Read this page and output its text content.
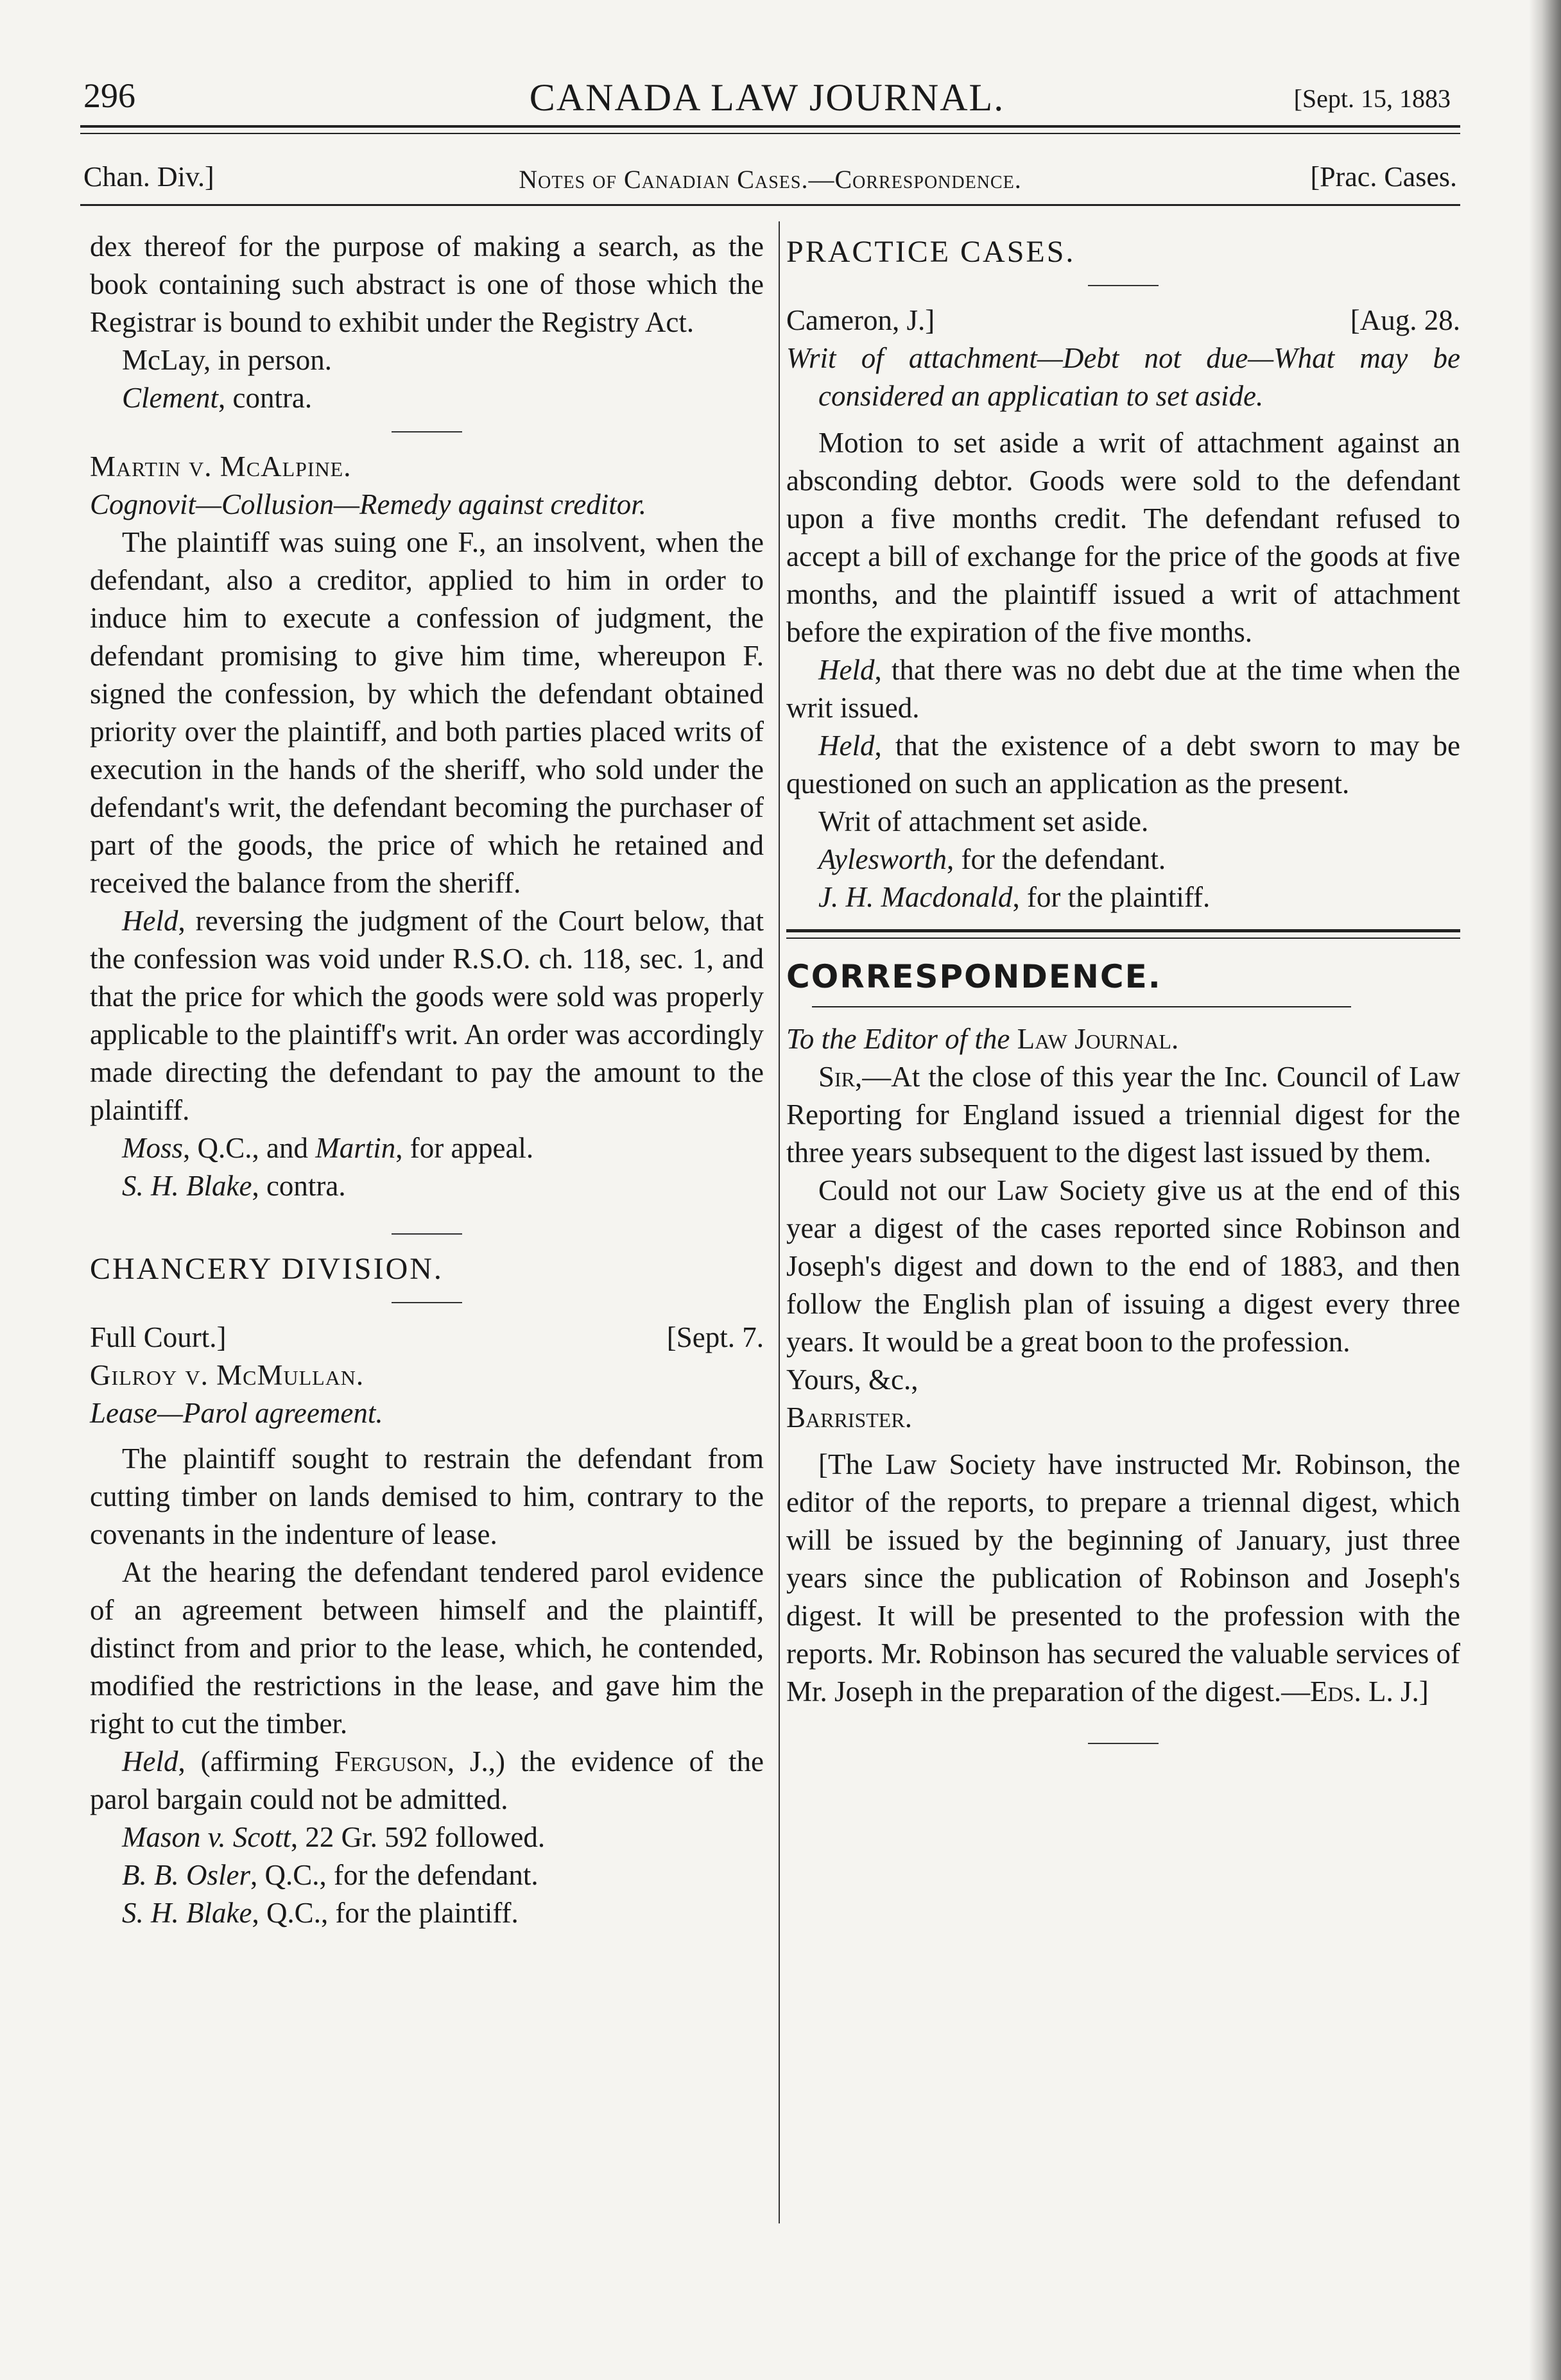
296	CANADA LAW JOURNAL.	[Sept. 15, 1883
Chan. Div.]	Notes of Canadian Cases.—Correspondence.	[Prac. Cases.

dex thereof for the purpose of making a search, as the book containing such abstract is one of those which the Registrar is bound to exhibit under the Registry Act.

McLay, in person.

Clement, contra.

Martin v. McAlpine.

Cognovit—Collusion—Remedy against creditor.

The plaintiff was suing one F., an insolvent, when the defendant, also a creditor, applied to him in order to induce him to execute a confession of judgment, the defendant promising to give him time, whereupon F. signed the confession, by which the defendant obtained priority over the plaintiff, and both parties placed writs of execution in the hands of the sheriff, who sold under the defendant's writ, the defendant becoming the purchaser of part of the goods, the price of which he retained and received the balance from the sheriff.

Held, reversing the judgment of the Court below, that the confession was void under R.S.O. ch. 118, sec. 1, and that the price for which the goods were sold was properly applicable to the plaintiff's writ. An order was accordingly made directing the defendant to pay the amount to the plaintiff.

Moss, Q.C., and Martin, for appeal.

S. H. Blake, contra.

CHANCERY DIVISION.

Full Court.]	[Sept. 7.

Gilroy v. McMullan.

Lease—Parol agreement.

The plaintiff sought to restrain the defendant from cutting timber on lands demised to him, contrary to the covenants in the indenture of lease.

At the hearing the defendant tendered parol evidence of an agreement between himself and the plaintiff, distinct from and prior to the lease, which, he contended, modified the restrictions in the lease, and gave him the right to cut the timber.

Held, (affirming Ferguson, J.,) the evidence of the parol bargain could not be admitted.

Mason v. Scott, 22 Gr. 592 followed.

B. B. Osler, Q.C., for the defendant.

S. H. Blake, Q.C., for the plaintiff.

PRACTICE CASES.

Cameron, J.]	[Aug. 28.

Writ of attachment—Debt not due—What may be considered an applicatian to set aside.

Motion to set aside a writ of attachment against an absconding debtor. Goods were sold to the defendant upon a five months credit. The defendant refused to accept a bill of exchange for the price of the goods at five months, and the plaintiff issued a writ of attachment before the expiration of the five months.

Held, that there was no debt due at the time when the writ issued.

Held, that the existence of a debt sworn to may be questioned on such an application as the present.

Writ of attachment set aside.

Aylesworth, for the defendant.

J. H. Macdonald, for the plaintiff.

CORRESPONDENCE.

To the Editor of the Law Journal.

Sir,—At the close of this year the Inc. Council of Law Reporting for England issued a triennial digest for the three years subsequent to the digest last issued by them.

Could not our Law Society give us at the end of this year a digest of the cases reported since Robinson and Joseph's digest and down to the end of 1883, and then follow the English plan of issuing a digest every three years. It would be a great boon to the profession.

Yours, &c.,

Barrister.

[The Law Society have instructed Mr. Robinson, the editor of the reports, to prepare a triennal digest, which will be issued by the beginning of January, just three years since the publication of Robinson and Joseph's digest. It will be presented to the profession with the reports. Mr. Robinson has secured the valuable services of Mr. Joseph in the preparation of the digest.—Eds. L. J.]
